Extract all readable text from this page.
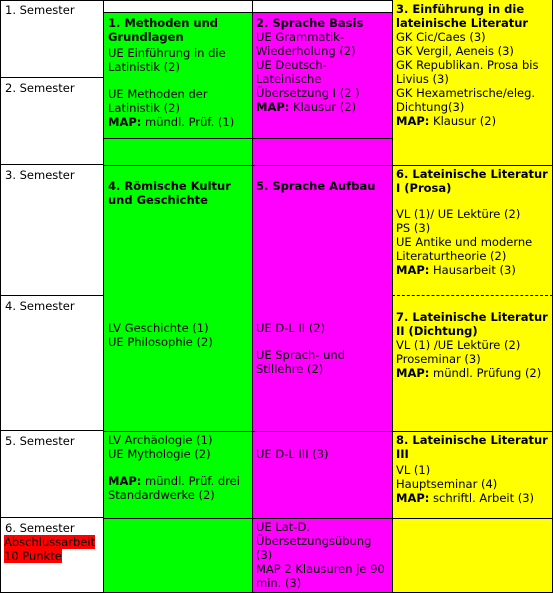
1. Semester
2. Semester
3. Semester
4. Semester
5. Semester
6. Semester
Abschlussarbeit
10 Punkte
1. Methoden und Grundlagen
UE Einführung in die Latinistik (2)
UE Methoden der Latinistik (2)
MAP: mündl. Prüf. (1)
4. Römische Kultur und Geschichte
LV Geschichte (1)
UE Philosophie (2)
LV Archäologie (1)
UE Mythologie (2)
MAP: mündl. Prüf. drei Standardwerke (2)
2. Sprache Basis
UE Grammatik-Wiederholung (2)
UE Deutsch-Lateinische Übersetzung I (2 )
MAP: Klausur (2)
5. Sprache Aufbau
UE D-L II (2)
UE Sprach- und Stillehre (2)
UE D-L III (3)
UE Lat-D. Übersetzungsübung (3)
MAP 2 Klausuren je 90 min. (3)
3. Einführung in die lateinische Literatur
GK Cic/Caes (3)
GK Vergil, Aeneis (3)
GK Republikan. Prosa bis Livius (3)
GK Hexametrische/eleg. Dichtung(3)
MAP: Klausur (2)
6. Lateinische Literatur I (Prosa)
VL (1)/ UE Lektüre (2)
PS (3)
UE Antike und moderne Literaturtheorie (2)
MAP: Hausarbeit (3)
7. Lateinische Literatur II (Dichtung)
VL (1) /UE Lektüre (2)
Proseminar (3)
MAP: mündl. Prüfung (2)
8. Lateinische Literatur III
VL (1)
Hauptseminar (4)
MAP: schriftl. Arbeit (3)
